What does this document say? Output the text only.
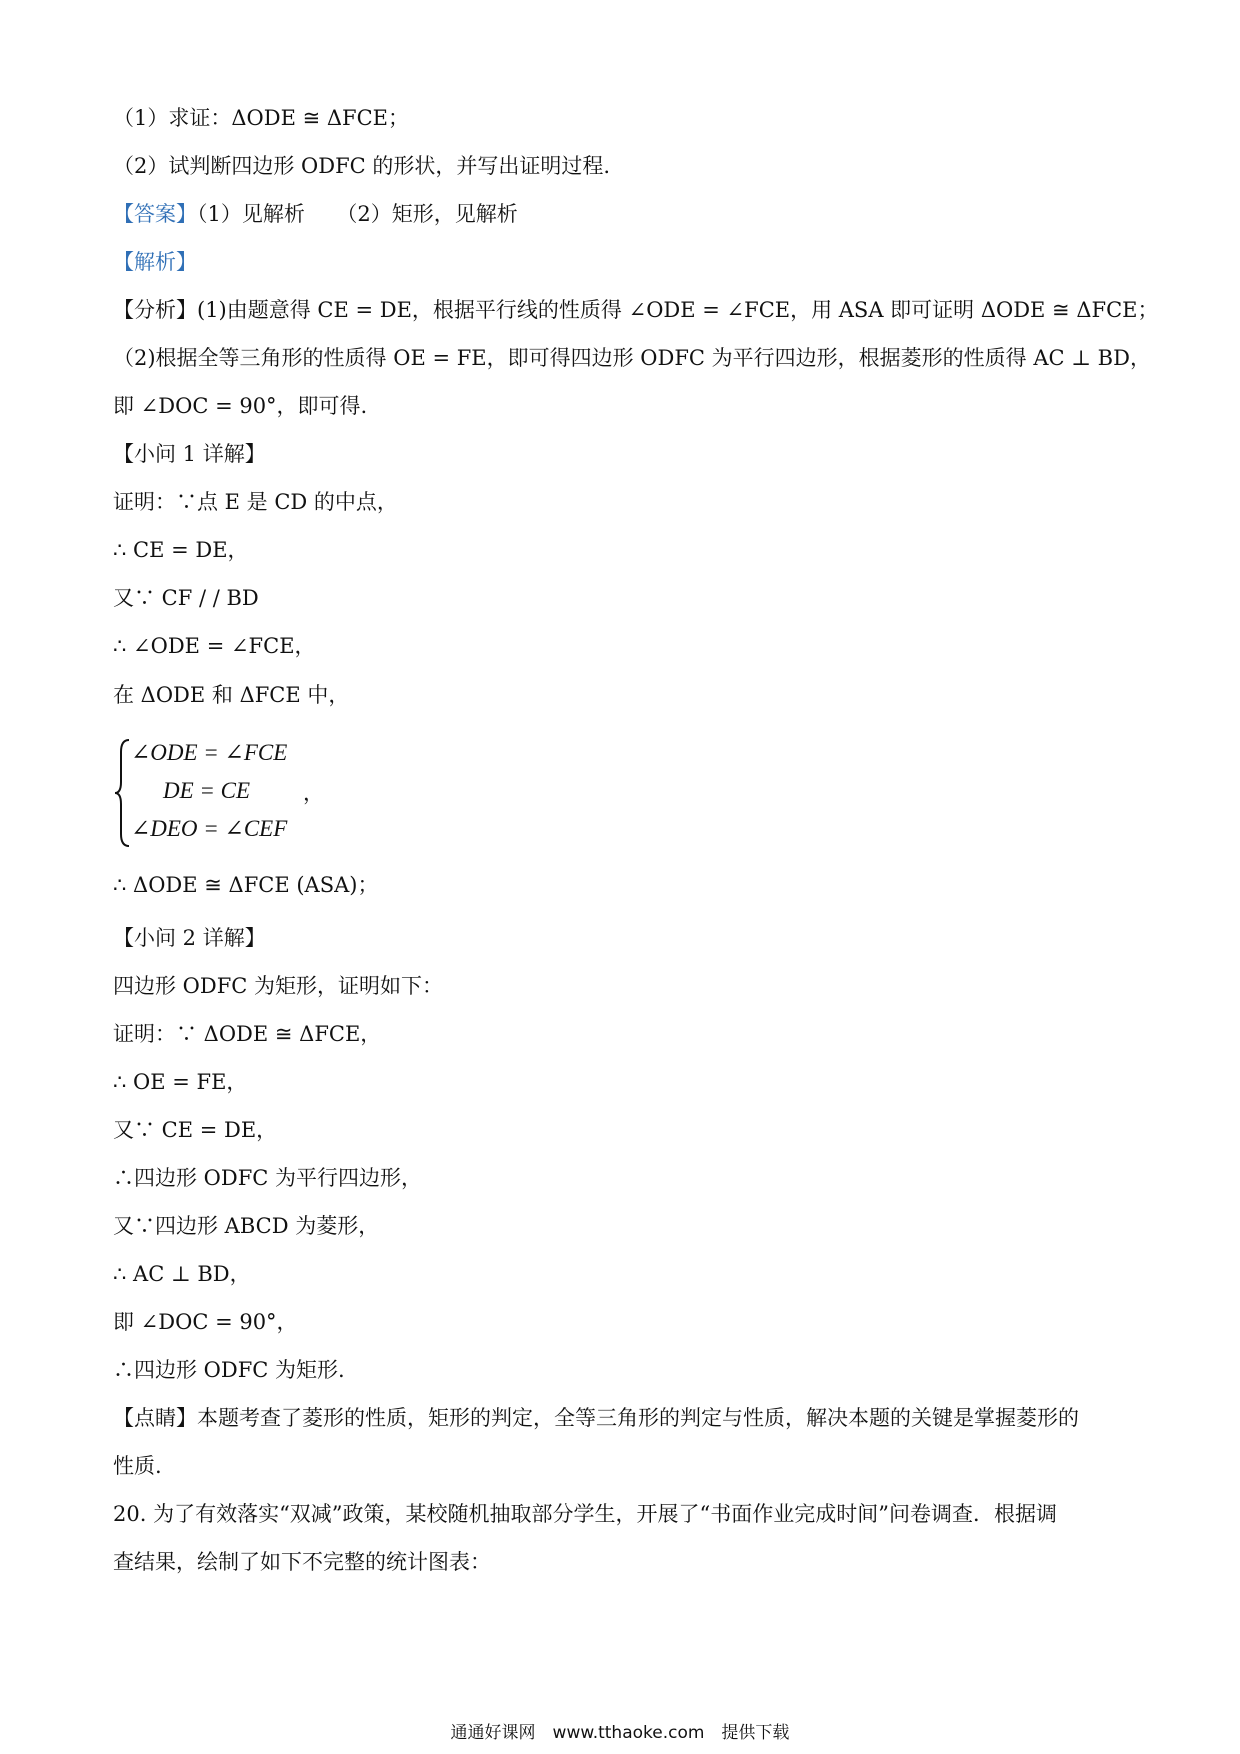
（1）求证：ΔODE ≅ ΔFCE；
（2）试判断四边形 ODFC 的形状，并写出证明过程.
【答案】（1）见解析　　（2）矩形，见解析
【解析】
【分析】(1)由题意得 CE = DE，根据平行线的性质得 ∠ODE = ∠FCE，用 ASA 即可证明 ΔODE ≅ ΔFCE；
（2)根据全等三角形的性质得 OE = FE，即可得四边形 ODFC 为平行四边形，根据菱形的性质得 AC ⊥ BD，
即 ∠DOC = 90°，即可得.
【小问 1 详解】
证明：∵点 E 是 CD 的中点，
∴ CE = DE，
又∵ CF / / BD
∴ ∠ODE = ∠FCE，
在 ΔODE 和 ΔFCE 中，
∠ODE = ∠FCE
DE = CE	，
∠DEO = ∠CEF
∴ ΔODE ≅ ΔFCE (ASA)；
【小问 2 详解】
四边形 ODFC 为矩形，证明如下：
证明：∵ ΔODE ≅ ΔFCE，
∴ OE = FE，
又∵ CE = DE，
∴四边形 ODFC 为平行四边形，
又∵四边形 ABCD 为菱形，
∴ AC ⊥ BD，
即 ∠DOC = 90°，
∴四边形 ODFC 为矩形.
【点睛】本题考查了菱形的性质，矩形的判定，全等三角形的判定与性质，解决本题的关键是掌握菱形的
性质.
20. 为了有效落实“双减”政策，某校随机抽取部分学生，开展了“书面作业完成时间”问卷调查．根据调
查结果，绘制了如下不完整的统计图表：
通通好课网　www.tthaoke.com　提供下载
